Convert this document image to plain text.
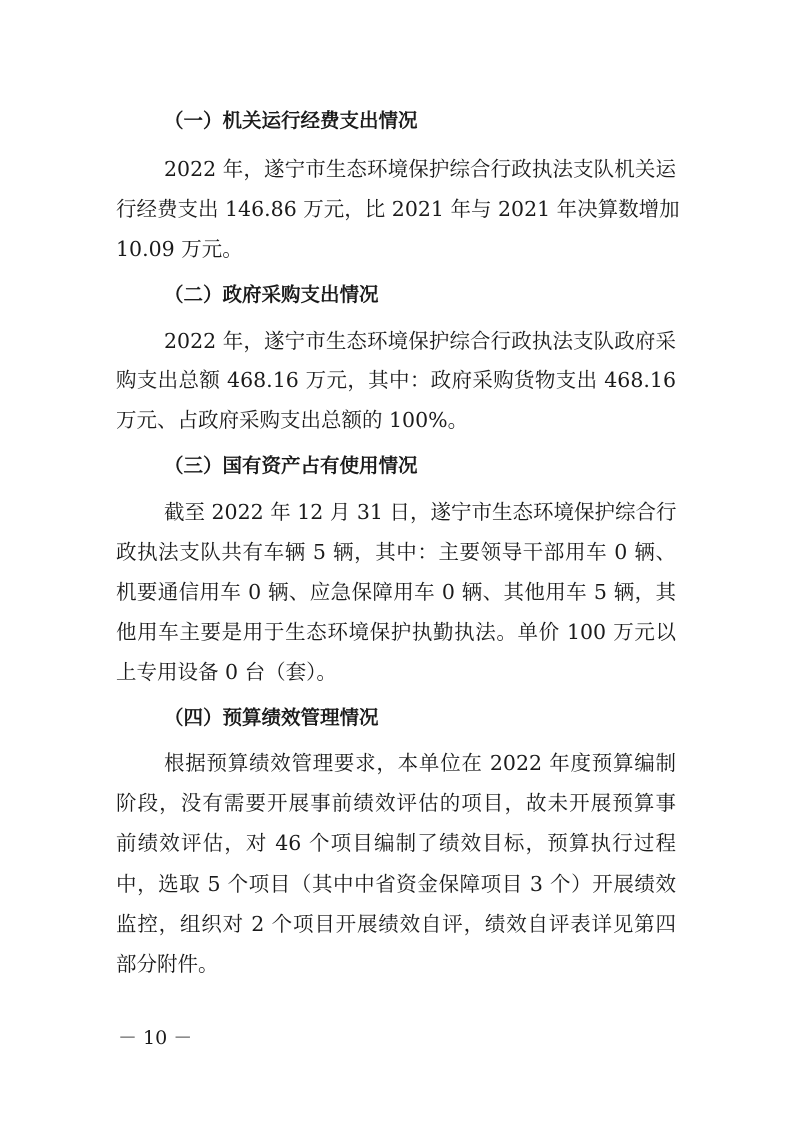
（一）机关运行经费支出情况
2022 年，遂宁市生态环境保护综合行政执法支队机关运
行经费支出 146.86 万元，比 2021 年与 2021 年决算数增加
10.09 万元。
（二）政府采购支出情况
2022 年，遂宁市生态环境保护综合行政执法支队政府采
购支出总额 468.16 万元，其中：政府采购货物支出 468.16
万元、占政府采购支出总额的 100%。
（三）国有资产占有使用情况
截至 2022 年 12 月 31 日，遂宁市生态环境保护综合行
政执法支队共有车辆 5 辆，其中：主要领导干部用车 0 辆、
机要通信用车 0 辆、应急保障用车 0 辆、其他用车 5 辆，其
他用车主要是用于生态环境保护执勤执法。单价 100 万元以
上专用设备 0 台（套）。
（四）预算绩效管理情况
根据预算绩效管理要求，本单位在 2022 年度预算编制
阶段，没有需要开展事前绩效评估的项目，故未开展预算事
前绩效评估，对 46 个项目编制了绩效目标，预算执行过程
中，选取 5 个项目（其中中省资金保障项目 3 个）开展绩效
监控，组织对 2 个项目开展绩效自评，绩效自评表详见第四
部分附件。
－ 10 －
